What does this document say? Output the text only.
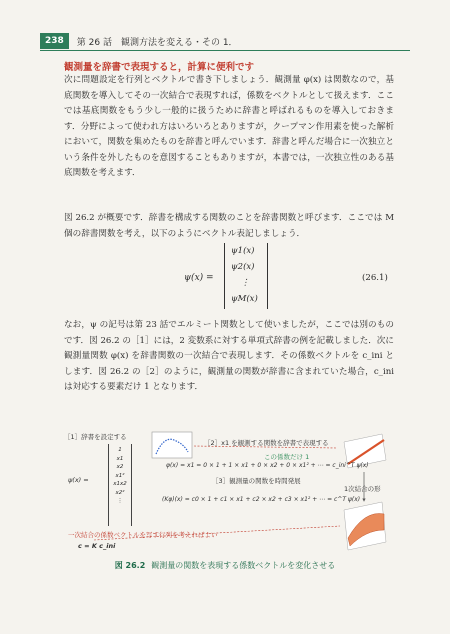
238	第 26 話　観測方法を変える・その 1．
観測量を辞書で表現すると，計算に便利です
次に問題設定を行列とベクトルで書き下しましょう．観測量 φ(x) は関数なので，基底関数を導入してその一次結合で表現すれば，係数をベクトルとして扱えます．ここでは基底関数をもう少し一般的に扱うために辞書と呼ばれるものを導入しておきます．分野によって使われ方はいろいろとありますが，クープマン作用素を使った解析において，関数を集めたものを辞書と呼んでいます．辞書と呼んだ場合に一次独立という条件を外したものを意図することもありますが，本書では，一次独立性のある基底関数を考えます．
図 26.2 が概要です．辞書を構成する関数のことを辞書関数と呼びます．ここでは M 個の辞書関数を考え，以下のようにベクトル表記しましょう．
ψ(x) =
ψ1(x)
ψ2(x)
⋮
ψM(x)
(26.1)
なお，ψ の記号は第 23 話でエルミート関数として使いましたが，ここでは別のものです．図 26.2 の［1］には，2 変数系に対する単項式辞書の例を記載しました．次に観測量関数 φ(x) を辞書関数の一次結合で表現します．その係数ベクトルを c_ini とします．図 26.2 の［2］のように，観測量の関数が辞書に含まれていた場合，c_ini は対応する要素だけ 1 となります．
［1］辞書を設定する
ψ(x) =
1
x1
x2
x1²
x1x2
x2²
⋮
［2］x1 を観測する関数を辞書で表現する
この係数だけ 1
φ(x) = x1 = 0 × 1 + 1 × x1 + 0 × x2 + 0 × x1² + ⋯ = c_ini^T ψ(x)
［3］観測量の関数を時間発展
1次結合の形
(Kφ)(x) = c0 × 1 + c1 × x1 + c2 × x2 + c3 × x1² + ⋯ = c^T ψ(x)
一次結合の係数ベクトルを写す行列を考えればよい
c = K c_ini
図 26.2 観測量の関数を表現する係数ベクトルを変化させる
